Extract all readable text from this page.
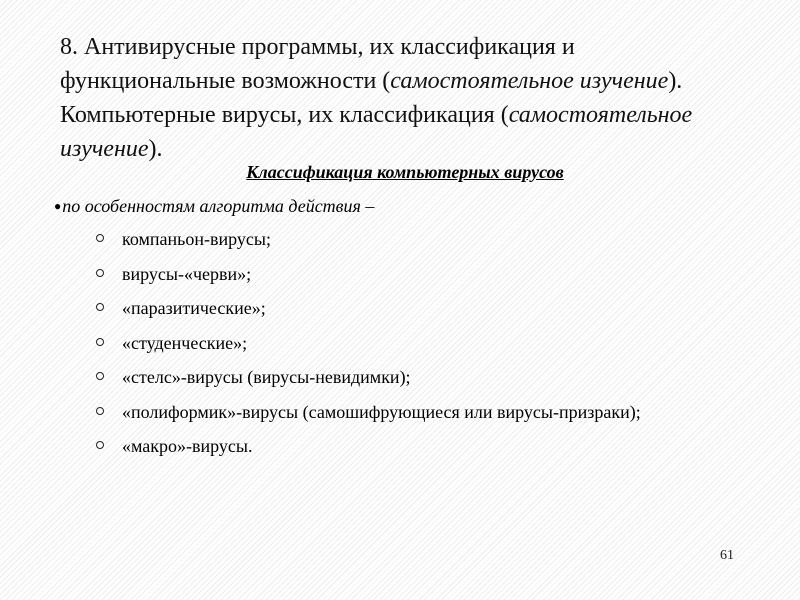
8. Антивирусные программы, их классификация и функциональные возможности (самостоятельное изучение). Компьютерные вирусы, их классификация (самостоятельное изучение).
Классификация компьютерных вирусов
●по особенностям алгоритма действия –
компаньон-вирусы;
вирусы-«черви»;
«паразитические»;
«студенческие»;
«стелс»-вирусы (вирусы-невидимки);
«полиформик»-вирусы (самошифрующиеся или вирусы-призраки);
«макро»-вирусы.
61
